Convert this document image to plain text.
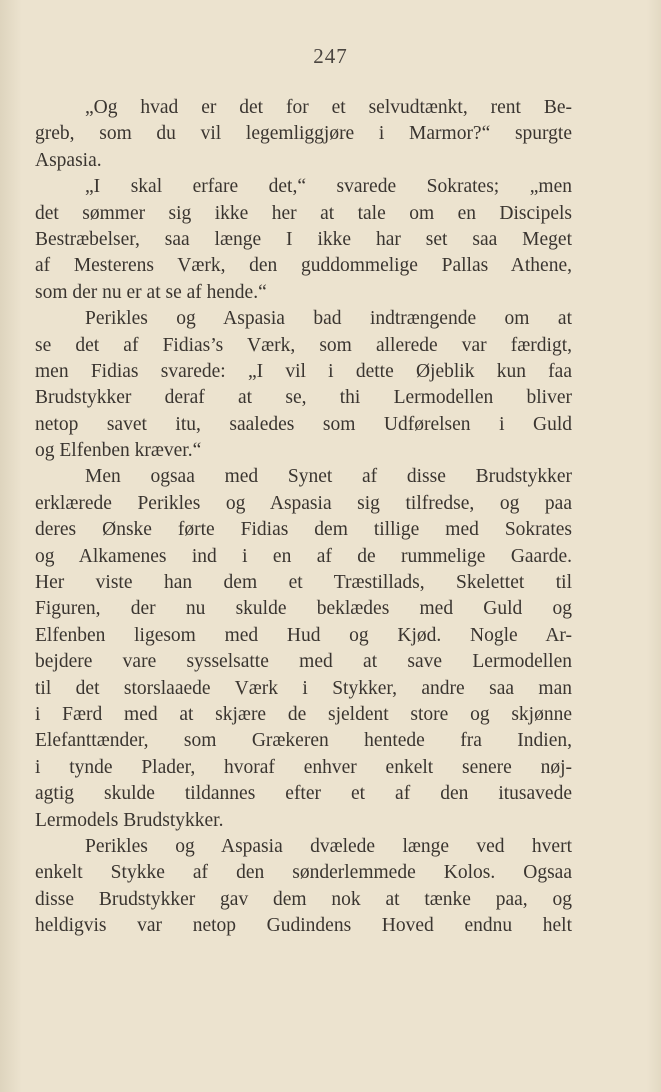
247
„Og hvad er det for et selvudtænkt, rent Be-
greb, som du vil legemliggjøre i Marmor?“ spurgte
Aspasia.
„I skal erfare det,“ svarede Sokrates; „men
det sømmer sig ikke her at tale om en Discipels
Bestræbelser, saa længe I ikke har set saa Meget
af Mesterens Værk, den guddommelige Pallas Athene,
som der nu er at se af hende.“
Perikles og Aspasia bad indtrængende om at
se det af Fidias’s Værk, som allerede var færdigt,
men Fidias svarede: „I vil i dette Øjeblik kun faa
Brudstykker deraf at se, thi Lermodellen bliver
netop savet itu, saaledes som Udførelsen i Guld
og Elfenben kræver.“
Men ogsaa med Synet af disse Brudstykker
erklærede Perikles og Aspasia sig tilfredse, og paa
deres Ønske førte Fidias dem tillige med Sokrates
og Alkamenes ind i en af de rummelige Gaarde.
Her viste han dem et Træstillads, Skelettet til
Figuren, der nu skulde beklædes med Guld og
Elfenben ligesom med Hud og Kjød. Nogle Ar-
bejdere vare sysselsatte med at save Lermodellen
til det storslaaede Værk i Stykker, andre saa man
i Færd med at skjære de sjeldent store og skjønne
Elefanttænder, som Grækeren hentede fra Indien,
i tynde Plader, hvoraf enhver enkelt senere nøj-
agtig skulde tildannes efter et af den itusavede
Lermodels Brudstykker.
Perikles og Aspasia dvælede længe ved hvert
enkelt Stykke af den sønderlemmede Kolos. Ogsaa
disse Brudstykker gav dem nok at tænke paa, og
heldigvis var netop Gudindens Hoved endnu helt
